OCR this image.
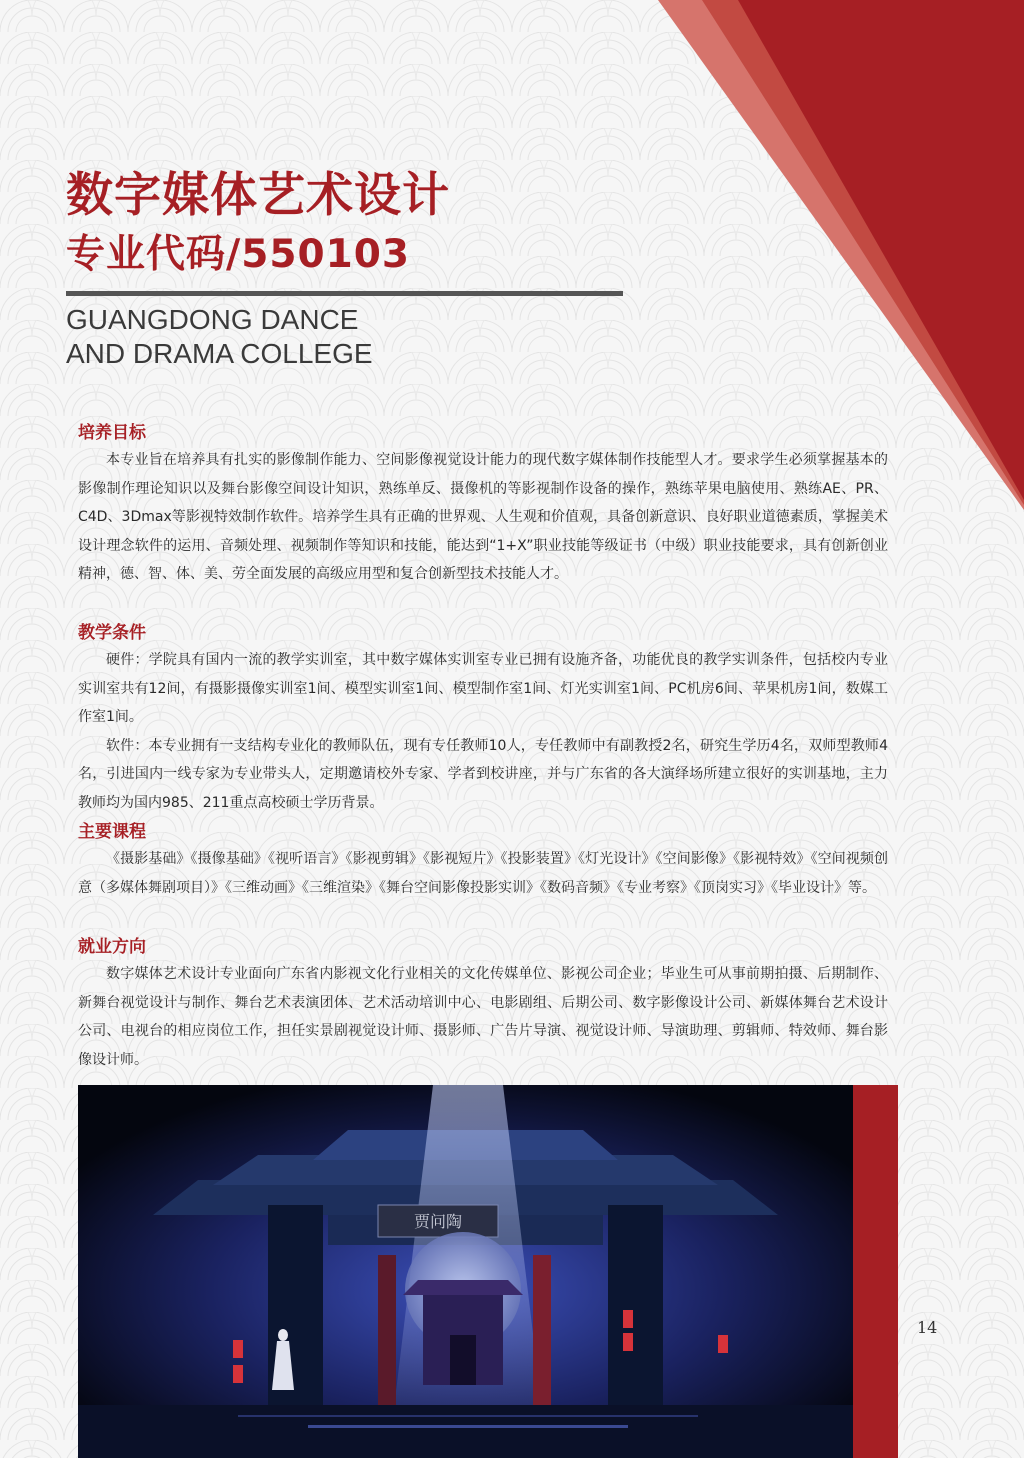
数字媒体艺术设计
专业代码/550103
GUANGDONG DANCE
AND DRAMA COLLEGE
培养目标

本专业旨在培养具有扎实的影像制作能力、空间影像视觉设计能力的现代数字媒体制作技能型人才。要求学生必须掌握基本的影像制作理论知识以及舞台影像空间设计知识，熟练单反、摄像机的等影视制作设备的操作，熟练苹果电脑使用、熟练AE、PR、C4D、3Dmax等影视特效制作软件。培养学生具有正确的世界观、人生观和价值观，具备创新意识、良好职业道德素质，掌握美术设计理念软件的运用、音频处理、视频制作等知识和技能，能达到“1+X”职业技能等级证书（中级）职业技能要求，具有创新创业精神，德、智、体、美、劳全面发展的高级应用型和复合创新型技术技能人才。

教学条件

硬件：学院具有国内一流的教学实训室，其中数字媒体实训室专业已拥有设施齐备，功能优良的教学实训条件，包括校内专业实训室共有12间，有摄影摄像实训室1间、模型实训室1间、模型制作室1间、灯光实训室1间、PC机房6间、苹果机房1间，数媒工作室1间。

软件：本专业拥有一支结构专业化的教师队伍，现有专任教师10人，专任教师中有副教授2名，研究生学历4名，双师型教师4名，引进国内一线专家为专业带头人，定期邀请校外专家、学者到校讲座，并与广东省的各大演绎场所建立很好的实训基地，主力教师均为国内985、211重点高校硕士学历背景。

主要课程

《摄影基础》《摄像基础》《视听语言》《影视剪辑》《影视短片》《投影装置》《灯光设计》《空间影像》《影视特效》《空间视频创意（多媒体舞剧项目）》《三维动画》《三维渲染》《舞台空间影像投影实训》《数码音频》《专业考察》《顶岗实习》《毕业设计》等。

就业方向

数字媒体艺术设计专业面向广东省内影视文化行业相关的文化传媒单位、影视公司企业；毕业生可从事前期拍摄、后期制作、新舞台视觉设计与制作、舞台艺术表演团体、艺术活动培训中心、电影剧组、后期公司、数字影像设计公司、新媒体舞台艺术设计公司、电视台的相应岗位工作，担任实景剧视觉设计师、摄影师、广告片导演、视觉设计师、导演助理、剪辑师、特效师、舞台影像设计师。

贾问陶
14
